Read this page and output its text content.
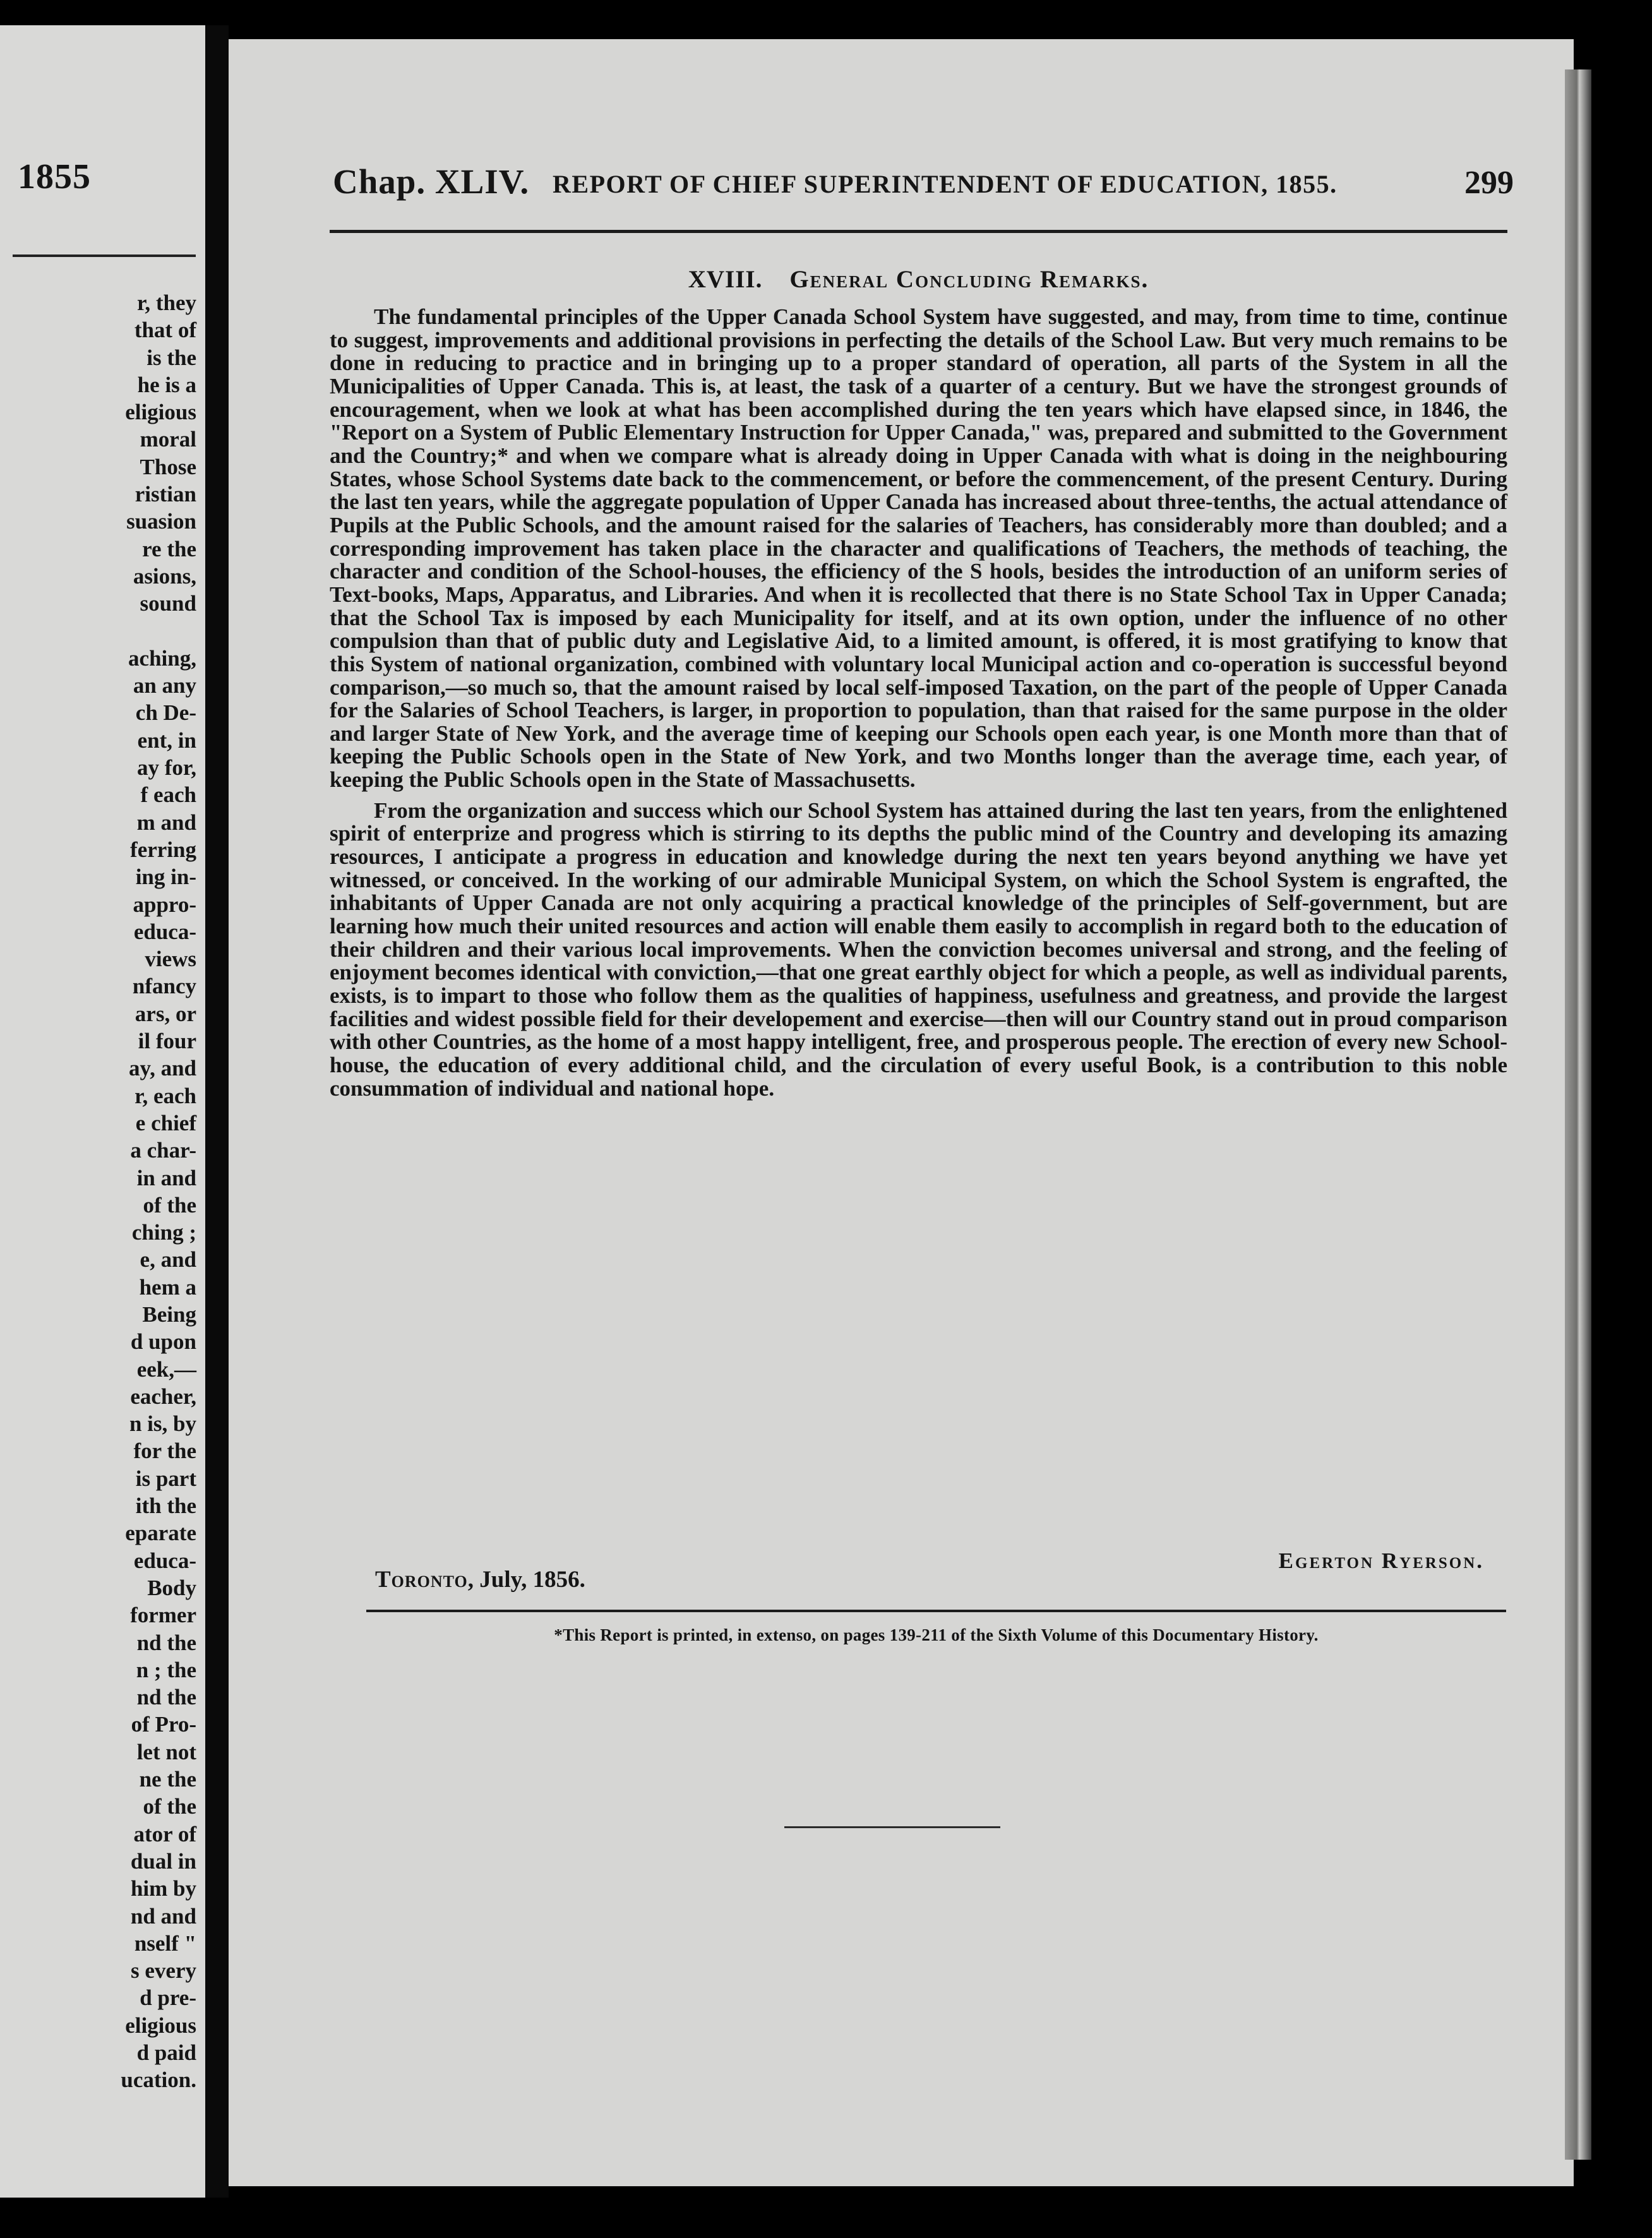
1855
r, they
that of
is the
he is a
eligious
moral
Those
ristian
suasion
re the
asions,
sound
aching,
an any
ch De-
ent, in
ay for,
f each
m and
ferring
ing in-
appro-
educa-
views
nfancy
ars, or
il four
ay, and
r, each
e chief
a char-
in and
of the
ching ;
e, and
hem a
Being
d upon
eek,—
eacher,
n is, by
for the
is part
ith the
eparate
educa-
Body
former
nd the
n ; the
nd the
of Pro-
let not
ne the
of the
ator of
dual in
him by
nd and
nself "
s every
d pre-
eligious
d paid
ucation.
Chap. XLIV. REPORT OF CHIEF SUPERINTENDENT OF EDUCATION, 1855.	299
XVIII. General Concluding Remarks.

The fundamental principles of the Upper Canada School System have suggested, and may, from time to time, continue to suggest, improvements and additional provisions in perfecting the details of the School Law. But very much remains to be done in reducing to practice and in bringing up to a proper standard of operation, all parts of the System in all the Municipalities of Upper Canada. This is, at least, the task of a quarter of a century. But we have the strongest grounds of encouragement, when we look at what has been accomplished during the ten years which have elapsed since, in 1846, the "Report on a System of Public Elementary Instruction for Upper Canada," was, prepared and submitted to the Government and the Country;* and when we compare what is already doing in Upper Canada with what is doing in the neighbouring States, whose School Systems date back to the commencement, or before the commencement, of the present Century. During the last ten years, while the aggregate population of Upper Canada has increased about three-tenths, the actual attendance of Pupils at the Public Schools, and the amount raised for the salaries of Teachers, has considerably more than doubled; and a corresponding improvement has taken place in the character and qualifications of Teachers, the methods of teaching, the character and condition of the School-houses, the efficiency of the S hools, besides the introduction of an uniform series of Text-books, Maps, Apparatus, and Libraries. And when it is recollected that there is no State School Tax in Upper Canada; that the School Tax is imposed by each Municipality for itself, and at its own option, under the influence of no other compulsion than that of public duty and Legislative Aid, to a limited amount, is offered, it is most gratifying to know that this System of national organization, combined with voluntary local Municipal action and co-operation is successful beyond comparison,—so much so, that the amount raised by local self-imposed Taxation, on the part of the people of Upper Canada for the Salaries of School Teachers, is larger, in proportion to population, than that raised for the same purpose in the older and larger State of New York, and the average time of keeping our Schools open each year, is one Month more than that of keeping the Public Schools open in the State of New York, and two Months longer than the average time, each year, of keeping the Public Schools open in the State of Massachusetts.

From the organization and success which our School System has attained during the last ten years, from the enlightened spirit of enterprize and progress which is stirring to its depths the public mind of the Country and developing its amazing resources, I anticipate a progress in education and knowledge during the next ten years beyond anything we have yet witnessed, or conceived. In the working of our admirable Municipal System, on which the School System is engrafted, the inhabitants of Upper Canada are not only acquiring a practical knowledge of the principles of Self-government, but are learning how much their united resources and action will enable them easily to accomplish in regard both to the education of their children and their various local improvements. When the conviction becomes universal and strong, and the feeling of enjoyment becomes identical with conviction,—that one great earthly object for which a people, as well as individual parents, exists, is to impart to those who follow them as the qualities of happiness, usefulness and greatness, and provide the largest facilities and widest possible field for their developement and exercise—then will our Country stand out in proud comparison with other Countries, as the home of a most happy intelligent, free, and prosperous people. The erection of every new School-house, the education of every additional child, and the circulation of every useful Book, is a contribution to this noble consummation of individual and national hope.

Egerton Ryerson.
Toronto, July, 1856.
*This Report is printed, in extenso, on pages 139-211 of the Sixth Volume of this Documentary History.
